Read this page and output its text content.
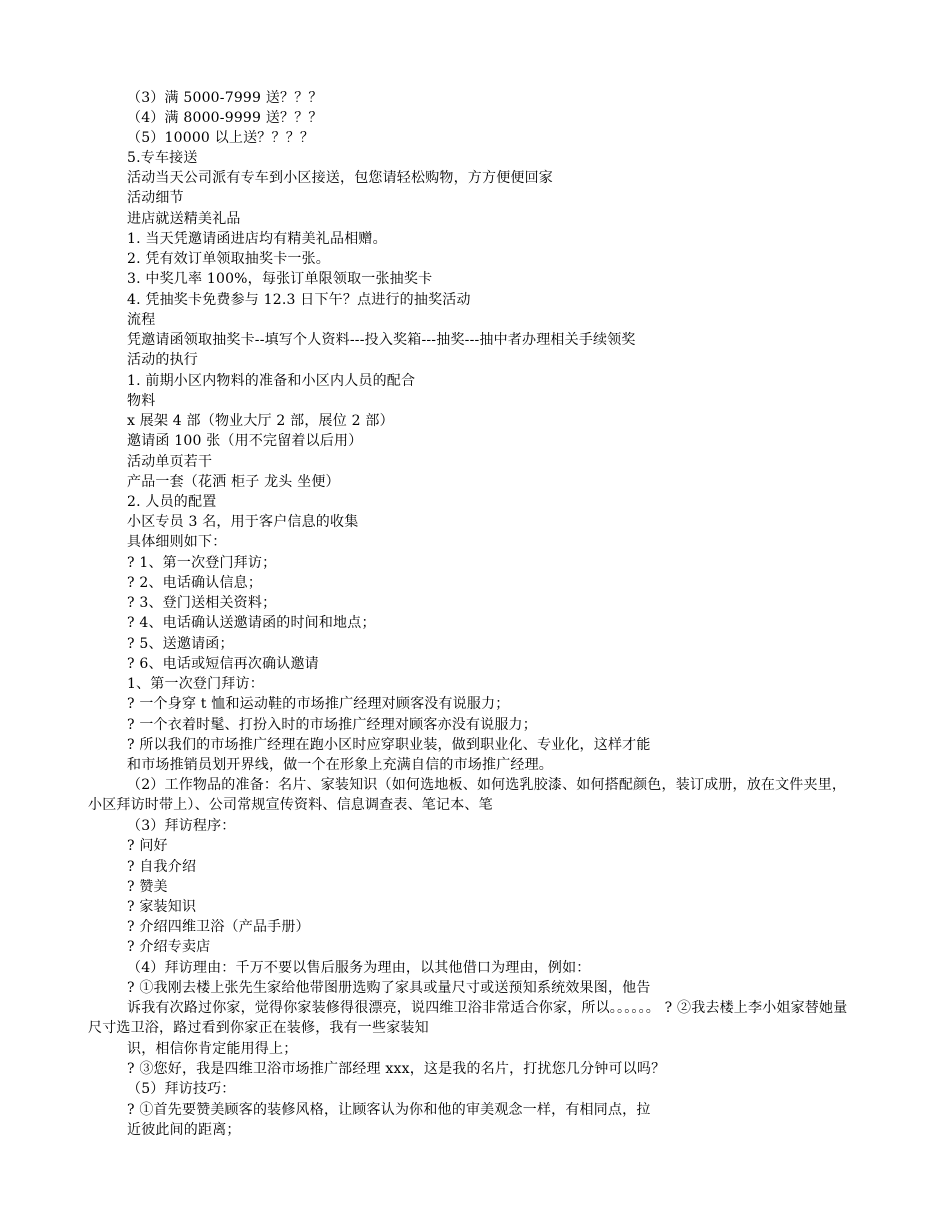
（3）满 5000-7999 送？？？
（4）满 8000-9999 送？？？
（5）10000 以上送？？？？
5.专车接送
活动当天公司派有专车到小区接送，包您请轻松购物，方方便便回家
活动细节
进店就送精美礼品
1. 当天凭邀请函进店均有精美礼品相赠。
2. 凭有效订单领取抽奖卡一张。
3. 中奖几率 100%，每张订单限领取一张抽奖卡
4. 凭抽奖卡免费参与 12.3 日下午？点进行的抽奖活动
流程
凭邀请函领取抽奖卡--填写个人资料---投入奖箱---抽奖---抽中者办理相关手续领奖
活动的执行
1. 前期小区内物料的准备和小区内人员的配合
物料
x 展架 4 部（物业大厅 2 部，展位 2 部）
邀请函 100 张（用不完留着以后用）
活动单页若干
产品一套（花洒 柜子 龙头 坐便）
2. 人员的配置
小区专员 3 名，用于客户信息的收集
具体细则如下：
? 1、第一次登门拜访；
? 2、电话确认信息；
? 3、登门送相关资料；
? 4、电话确认送邀请函的时间和地点；
? 5、送邀请函；
? 6、电话或短信再次确认邀请
1、第一次登门拜访：
? 一个身穿 t 恤和运动鞋的市场推广经理对顾客没有说服力；
? 一个衣着时髦、打扮入时的市场推广经理对顾客亦没有说服力；
? 所以我们的市场推广经理在跑小区时应穿职业装，做到职业化、专业化，这样才能
和市场推销员划开界线，做一个在形象上充满自信的市场推广经理。
（2）工作物品的准备：名片、家装知识（如何选地板、如何选乳胶漆、如何搭配颜色，装订成册，放在文件夹里，小区拜访时带上）、公司常规宣传资料、信息调查表、笔记本、笔
（3）拜访程序：
? 问好
? 自我介绍
? 赞美
? 家装知识
? 介绍四维卫浴（产品手册）
? 介绍专卖店
（4）拜访理由：千万不要以售后服务为理由，以其他借口为理由，例如：
? ①我刚去楼上张先生家给他带图册选购了家具或量尺寸或送预知系统效果图，他告
诉我有次路过你家，觉得你家装修得很漂亮，说四维卫浴非常适合你家，所以。。。。。。 ? ②我去楼上李小姐家替她量尺寸选卫浴，路过看到你家正在装修，我有一些家装知
识，相信你肯定能用得上；
? ③您好，我是四维卫浴市场推广部经理 xxx，这是我的名片，打扰您几分钟可以吗？
（5）拜访技巧：
? ①首先要赞美顾客的装修风格，让顾客认为你和他的审美观念一样，有相同点，拉
近彼此间的距离；
